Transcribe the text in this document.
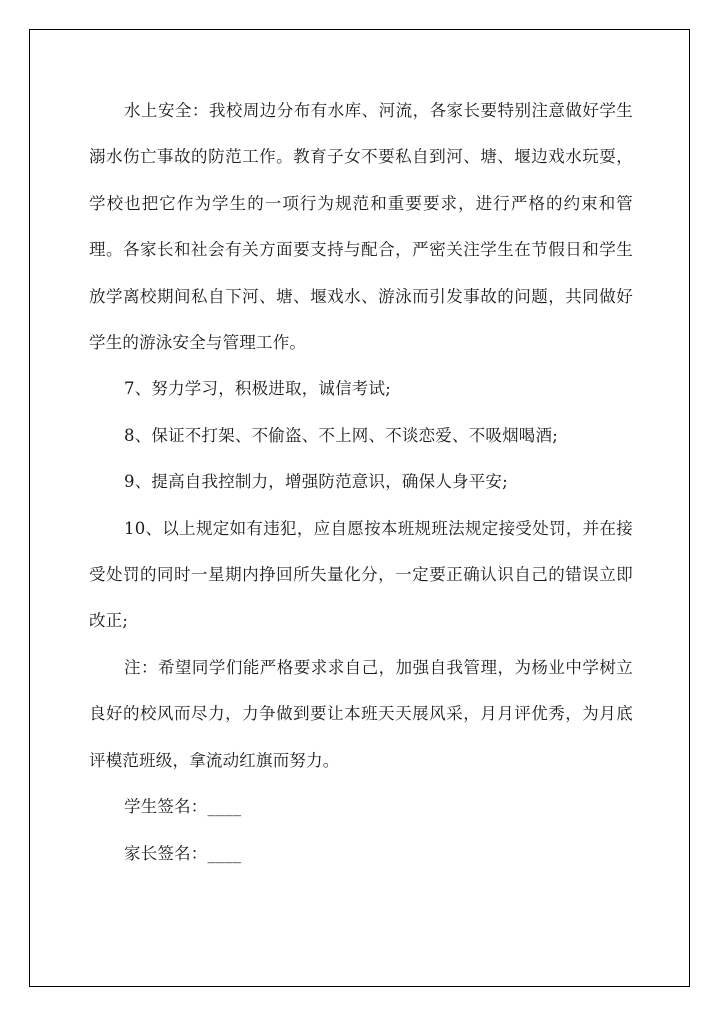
水上安全：我校周边分布有水库、河流，各家长要特别注意做好学生溺水伤亡事故的防范工作。教育子女不要私自到河、塘、堰边戏水玩耍，学校也把它作为学生的一项行为规范和重要要求，进行严格的约束和管理。各家长和社会有关方面要支持与配合，严密关注学生在节假日和学生放学离校期间私自下河、塘、堰戏水、游泳而引发事故的问题，共同做好学生的游泳安全与管理工作。

7、努力学习，积极进取，诚信考试;

8、保证不打架、不偷盗、不上网、不谈恋爱、不吸烟喝酒;

9、提高自我控制力，增强防范意识，确保人身平安;

10、以上规定如有违犯，应自愿按本班规班法规定接受处罚，并在接受处罚的同时一星期内挣回所失量化分，一定要正确认识自己的错误立即改正;

注：希望同学们能严格要求求自己，加强自我管理，为杨业中学树立良好的校风而尽力，力争做到要让本班天天展风采，月月评优秀，为月底评模范班级，拿流动红旗而努力。

学生签名：____

家长签名：____
